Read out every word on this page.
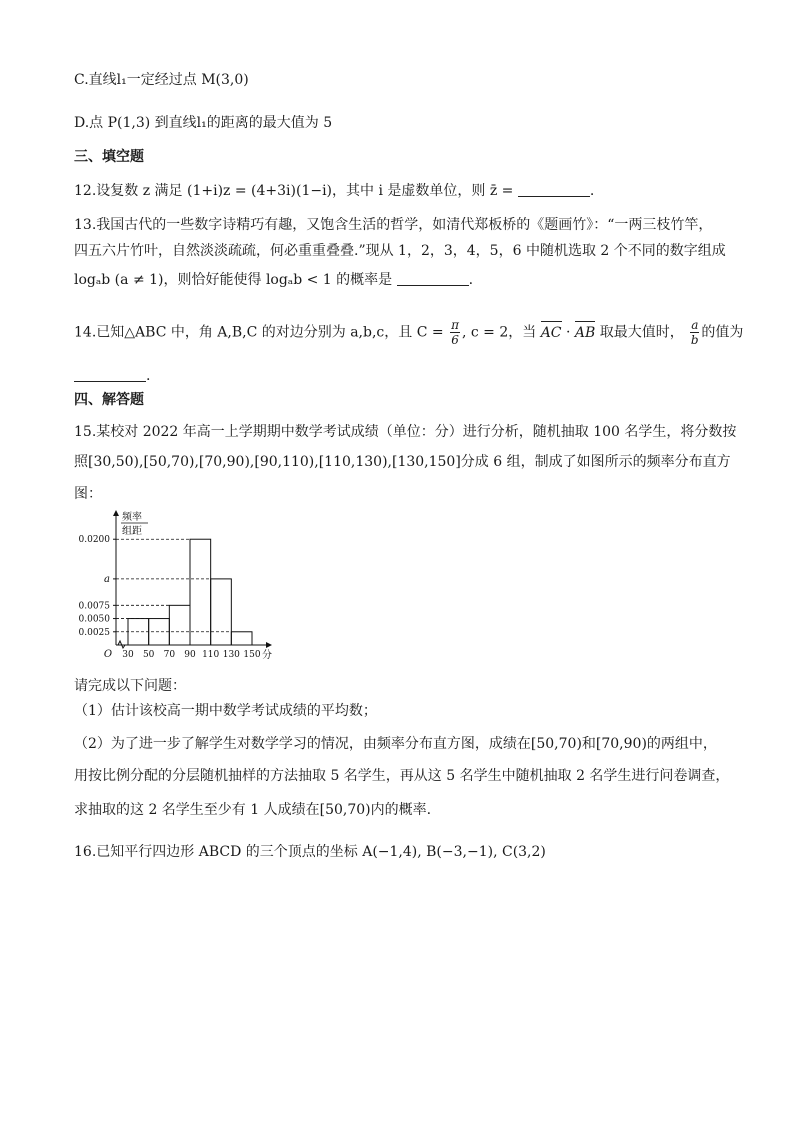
C.直线l₁一定经过点 M(3,0)
D.点 P(1,3) 到直线l₁的距离的最大值为 5
三、填空题
12.设复数 z 满足 (1+i)z = (4+3i)(1−i)，其中 i 是虚数单位，则 z̄ =	.
13.我国古代的一些数字诗精巧有趣，又饱含生活的哲学，如清代郑板桥的《题画竹》：“一两三枝竹竿，
四五六片竹叶，自然淡淡疏疏，何必重重叠叠.”现从 1，2，3，4，5，6 中随机选取 2 个不同的数字组成
logₐb (a ≠ 1)，则恰好能使得 logₐb < 1 的概率是	.
14.已知△ABC 中，角 A,B,C 的对边分别为 a,b,c，且 $C = \frac{\pi}{6}$ , c = 2，当 AC · AB 取最大值时， $\frac{a}{b}$ 的值为
.
四、解答题
15.某校对 2022 年高一上学期期中数学考试成绩（单位：分）进行分析，随机抽取 100 名学生，将分数按
照[30,50),[50,70),[70,90),[90,110),[110,130),[130,150]分成 6 组，制成了如图所示的频率分布直方
图：
频率
组距
0.0025
0.0050
0.0075
a
0.0200
30 50 70 90 110 130 150
O	分
请完成以下问题：
（1）估计该校高一期中数学考试成绩的平均数；
（2）为了进一步了解学生对数学学习的情况，由频率分布直方图，成绩在[50,70)和[70,90)的两组中，
用按比例分配的分层随机抽样的方法抽取 5 名学生，再从这 5 名学生中随机抽取 2 名学生进行问卷调查，
求抽取的这 2 名学生至少有 1 人成绩在[50,70)内的概率.
16.已知平行四边形 ABCD 的三个顶点的坐标 A(−1,4), B(−3,−1), C(3,2)
